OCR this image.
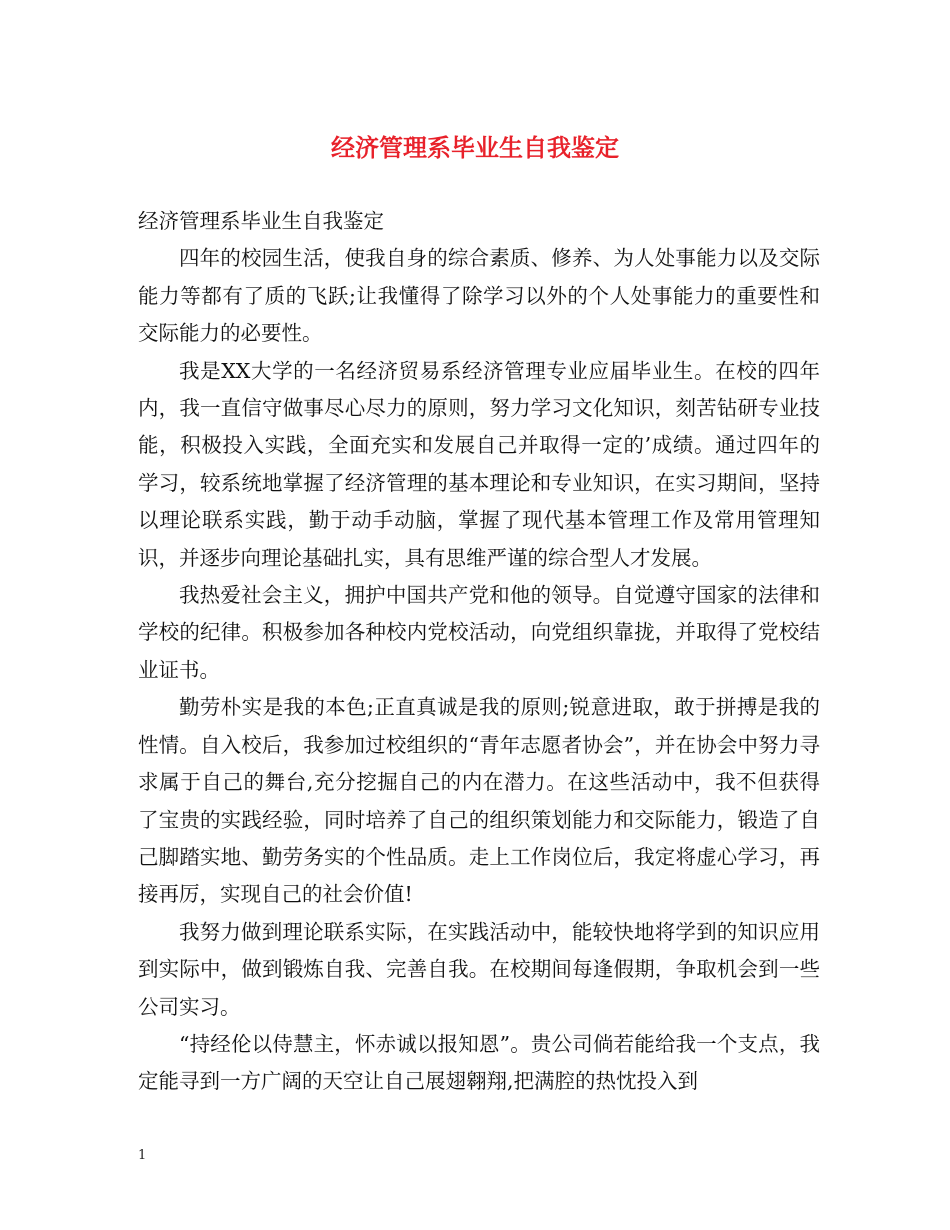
经济管理系毕业生自我鉴定

经济管理系毕业生自我鉴定

四年的校园生活，使我自身的综合素质、修养、为人处事能力以及交际能力等都有了质的飞跃;让我懂得了除学习以外的个人处事能力的重要性和交际能力的必要性。

我是XX大学的一名经济贸易系经济管理专业应届毕业生。在校的四年内，我一直信守做事尽心尽力的原则，努力学习文化知识，刻苦钻研专业技能，积极投入实践，全面充实和发展自己并取得一定的’成绩。通过四年的学习，较系统地掌握了经济管理的基本理论和专业知识，在实习期间，坚持以理论联系实践，勤于动手动脑，掌握了现代基本管理工作及常用管理知识，并逐步向理论基础扎实，具有思维严谨的综合型人才发展。

我热爱社会主义，拥护中国共产党和他的领导。自觉遵守国家的法律和学校的纪律。积极参加各种校内党校活动，向党组织靠拢，并取得了党校结业证书。

勤劳朴实是我的本色;正直真诚是我的原则;锐意进取，敢于拼搏是我的性情。自入校后，我参加过校组织的“青年志愿者协会”，并在协会中努力寻求属于自己的舞台,充分挖掘自己的内在潜力。在这些活动中，我不但获得了宝贵的实践经验，同时培养了自己的组织策划能力和交际能力，锻造了自己脚踏实地、勤劳务实的个性品质。走上工作岗位后，我定将虚心学习，再接再厉，实现自己的社会价值!

我努力做到理论联系实际，在实践活动中，能较快地将学到的知识应用到实际中，做到锻炼自我、完善自我。在校期间每逢假期，争取机会到一些公司实习。

“持经伦以侍慧主，怀赤诚以报知恩”。贵公司倘若能给我一个支点，我定能寻到一方广阔的天空让自己展翅翱翔,把满腔的热忱投入到

1
